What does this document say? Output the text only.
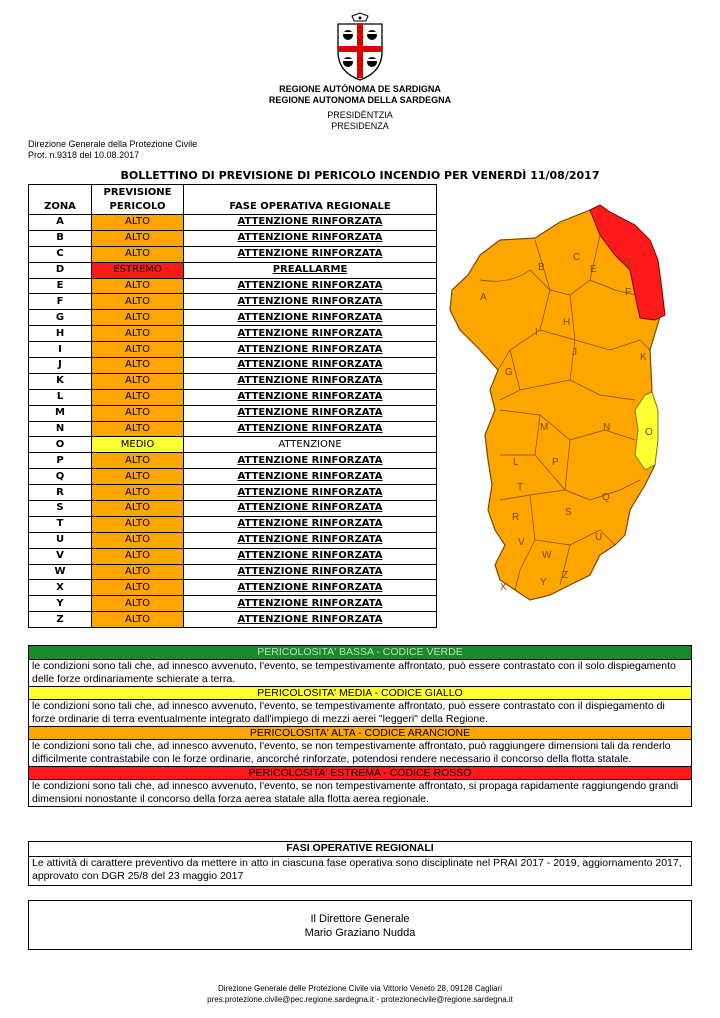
REGIONE AUTÒNOMA DE SARDIGNA
REGIONE AUTONOMA DELLA SARDEGNA
PRESIDÈNTZIA
PRESIDENZA
Direzione Generale della Protezione Civile
Prot. n.9318 del 10.08.2017
BOLLETTINO DI PREVISIONE DI PERICOLO INCENDIO PER VENERDÌ 11/08/2017
ZONA	PREVISIONE PERICOLO	FASE OPERATIVA REGIONALE
A	ALTO	ATTENZIONE RINFORZATA
B	ALTO	ATTENZIONE RINFORZATA
C	ALTO	ATTENZIONE RINFORZATA
D	ESTREMO	PREALLARME
E	ALTO	ATTENZIONE RINFORZATA
F	ALTO	ATTENZIONE RINFORZATA
G	ALTO	ATTENZIONE RINFORZATA
H	ALTO	ATTENZIONE RINFORZATA
I	ALTO	ATTENZIONE RINFORZATA
J	ALTO	ATTENZIONE RINFORZATA
K	ALTO	ATTENZIONE RINFORZATA
L	ALTO	ATTENZIONE RINFORZATA
M	ALTO	ATTENZIONE RINFORZATA
N	ALTO	ATTENZIONE RINFORZATA
O	MEDIO	ATTENZIONE
P	ALTO	ATTENZIONE RINFORZATA
Q	ALTO	ATTENZIONE RINFORZATA
R	ALTO	ATTENZIONE RINFORZATA
S	ALTO	ATTENZIONE RINFORZATA
T	ALTO	ATTENZIONE RINFORZATA
U	ALTO	ATTENZIONE RINFORZATA
V	ALTO	ATTENZIONE RINFORZATA
W	ALTO	ATTENZIONE RINFORZATA
X	ALTO	ATTENZIONE RINFORZATA
Y	ALTO	ATTENZIONE RINFORZATA
Z	ALTO	ATTENZIONE RINFORZATA
A
B
C	D
E
F
G
H
I
J	K
L
M	N	O
P
Q
R	S
T
U
V
W
X	Y
Z
PERICOLOSITA' BASSA - CODICE VERDE
le condizioni sono tali che, ad innesco avvenuto, l'evento, se tempestivamente affrontato, può essere contrastato con il solo dispiegamento delle forze ordinariamente schierate a terra.
PERICOLOSITA' MEDIA - CODICE GIALLO
le condizioni sono tali che, ad innesco avvenuto, l'evento, se tempestivamente affrontato, può essere contrastato con il dispiegamento di forze ordinarie di terra eventualmente integrato dall'impiego di mezzi aerei "leggeri" della Regione.
PERICOLOSITA' ALTA - CODICE ARANCIONE
le condizioni sono tali che, ad innesco avvenuto, l'evento, se non tempestivamente affrontato, può raggiungere dimensioni tali da renderlo difficilmente contrastabile con le forze ordinarie, ancorché rinforzate, potendosi rendere necessario il concorso della flotta statale.
PERICOLOSITA' ESTREMA - CODICE ROSSO
le condizioni sono tali che, ad innesco avvenuto, l'evento, se non tempestivamente affrontato, si propaga rapidamente raggiungendo grandi dimensioni nonostante il concorso della forza aerea statale alla flotta aerea regionale.
FASI OPERATIVE REGIONALI
Le attività di carattere preventivo da mettere in atto in ciascuna fase operativa sono disciplinate nel PRAI 2017 - 2019, aggiornamento 2017, approvato con DGR 25/8 del 23 maggio 2017
Il Direttore Generale
Mario Graziano Nudda
Direzione Generale delle Protezione Civile via Vittorio Veneto 28, 09128 Cagliari
pres.protezione.civile@pec.regione.sardegna.it - protezionecivile@regione.sardegna.it
